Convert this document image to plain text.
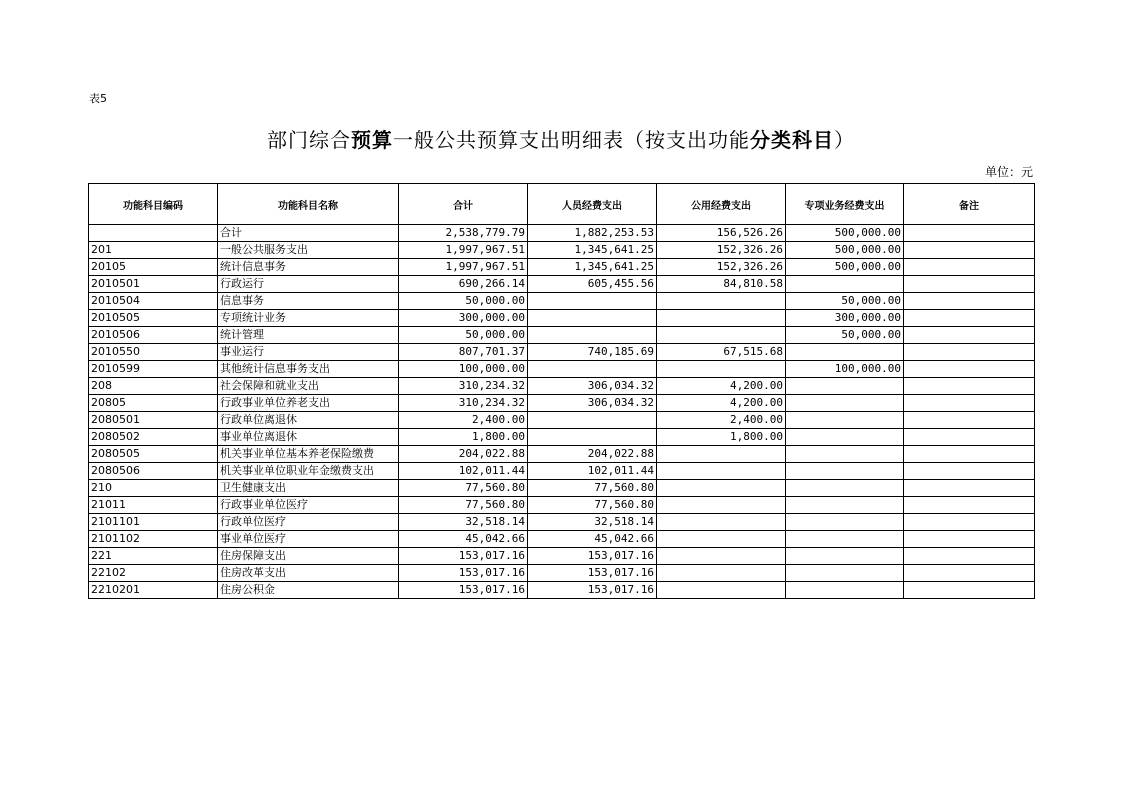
表5
部门综合预算一般公共预算支出明细表（按支出功能分类科目）
单位：元
功能科目编码	功能科目名称	合计	人员经费支出	公用经费支出	专项业务经费支出	备注
	合计	2,538,779.79	1,882,253.53	156,526.26	500,000.00	
201	一般公共服务支出	1,997,967.51	1,345,641.25	152,326.26	500,000.00	
20105	统计信息事务	1,997,967.51	1,345,641.25	152,326.26	500,000.00	
2010501	行政运行	690,266.14	605,455.56	84,810.58		
2010504	信息事务	50,000.00			50,000.00	
2010505	专项统计业务	300,000.00			300,000.00	
2010506	统计管理	50,000.00			50,000.00	
2010550	事业运行	807,701.37	740,185.69	67,515.68		
2010599	其他统计信息事务支出	100,000.00			100,000.00	
208	社会保障和就业支出	310,234.32	306,034.32	4,200.00		
20805	行政事业单位养老支出	310,234.32	306,034.32	4,200.00		
2080501	行政单位离退休	2,400.00		2,400.00		
2080502	事业单位离退休	1,800.00		1,800.00		
2080505	机关事业单位基本养老保险缴费	204,022.88	204,022.88			
2080506	机关事业单位职业年金缴费支出	102,011.44	102,011.44			
210	卫生健康支出	77,560.80	77,560.80			
21011	行政事业单位医疗	77,560.80	77,560.80			
2101101	行政单位医疗	32,518.14	32,518.14			
2101102	事业单位医疗	45,042.66	45,042.66			
221	住房保障支出	153,017.16	153,017.16			
22102	住房改革支出	153,017.16	153,017.16			
2210201	住房公积金	153,017.16	153,017.16			
